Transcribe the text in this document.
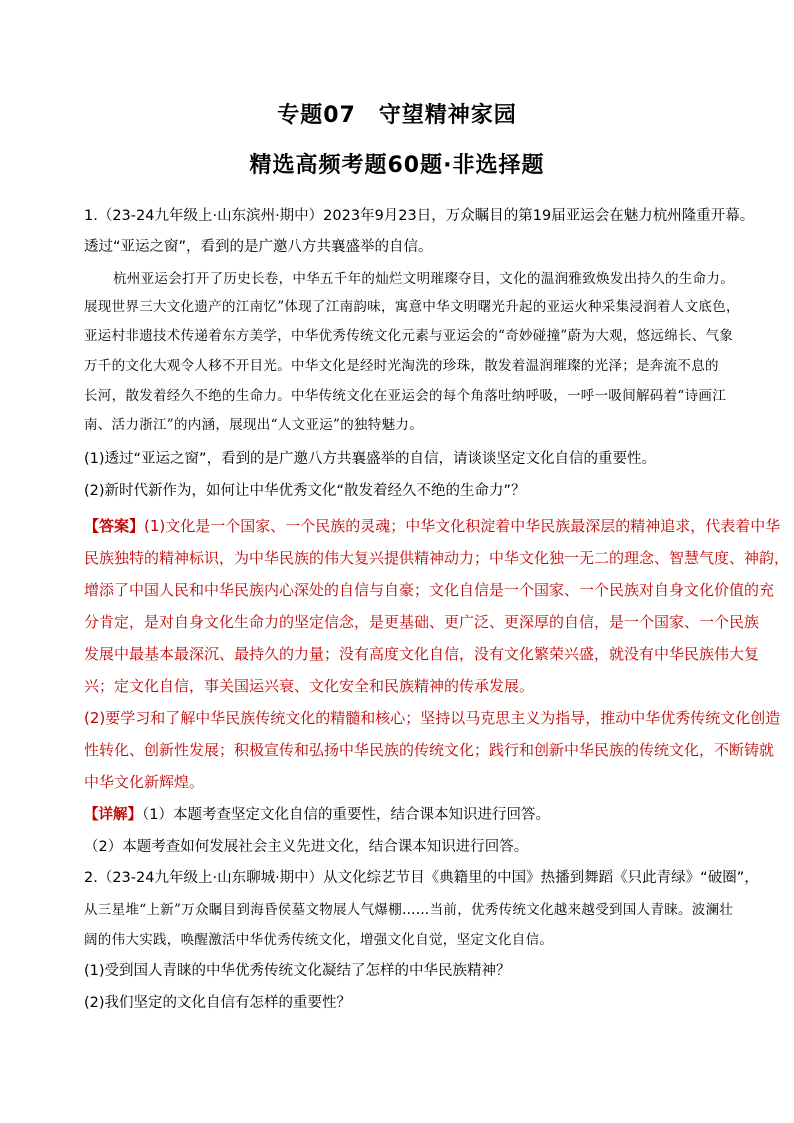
专题07　守望精神家园
精选高频考题60题·非选择题
1.（23-24九年级上·山东滨州·期中）2023年9月23日，万众瞩目的第19届亚运会在魅力杭州隆重开幕。
透过“亚运之窗”，看到的是广邀八方共襄盛举的自信。
杭州亚运会打开了历史长卷，中华五千年的灿烂文明璀璨夺目，文化的温润雅致焕发出持久的生命力。
展现世界三大文化遗产的江南忆”体现了江南韵味，寓意中华文明曙光升起的亚运火种采集浸润着人文底色，
亚运村非遗技术传递着东方美学，中华优秀传统文化元素与亚运会的“奇妙碰撞”蔚为大观，悠远绵长、气象
万千的文化大观令人移不开目光。中华文化是经时光淘洗的珍珠，散发着温润璀璨的光泽；是奔流不息的
长河，散发着经久不绝的生命力。中华传统文化在亚运会的每个角落吐纳呼吸，一呼一吸间解码着“诗画江
南、活力浙江”的内涵，展现出“人文亚运”的独特魅力。
(1)透过“亚运之窗”，看到的是广邀八方共襄盛举的自信，请谈谈坚定文化自信的重要性。
(2)新时代新作为，如何让中华优秀文化“散发着经久不绝的生命力”？
【答案】(1)文化是一个国家、一个民族的灵魂；中华文化积淀着中华民族最深层的精神追求，代表着中华
民族独特的精神标识，为中华民族的伟大复兴提供精神动力；中华文化独一无二的理念、智慧气度、神韵，
增添了中国人民和中华民族内心深处的自信与自豪；文化自信是一个国家、一个民族对自身文化价值的充
分肯定，是对自身文化生命力的坚定信念，是更基础、更广泛、更深厚的自信，是一个国家、一个民族
发展中最基本最深沉、最持久的力量；没有高度文化自信，没有文化繁荣兴盛，就没有中华民族伟大复
兴；定文化自信，事关国运兴衰、文化安全和民族精神的传承发展。
(2)要学习和了解中华民族传统文化的精髓和核心；坚持以马克思主义为指导，推动中华优秀传统文化创造
性转化、创新性发展；积极宣传和弘扬中华民族的传统文化；践行和创新中华民族的传统文化，不断铸就
中华文化新辉煌。
【详解】（1）本题考查坚定文化自信的重要性，结合课本知识进行回答。
（2）本题考查如何发展社会主义先进文化，结合课本知识进行回答。
2.（23-24九年级上·山东聊城·期中）从文化综艺节目《典籍里的中国》热播到舞蹈《只此青绿》“破圈”，
从三星堆“上新”万众瞩目到海昏侯墓文物展人气爆棚……当前，优秀传统文化越来越受到国人青睐。波澜壮
阔的伟大实践，唤醒激活中华优秀传统文化，增强文化自觉，坚定文化自信。
(1)受到国人青睐的中华优秀传统文化凝结了怎样的中华民族精神？
(2)我们坚定的文化自信有怎样的重要性？
